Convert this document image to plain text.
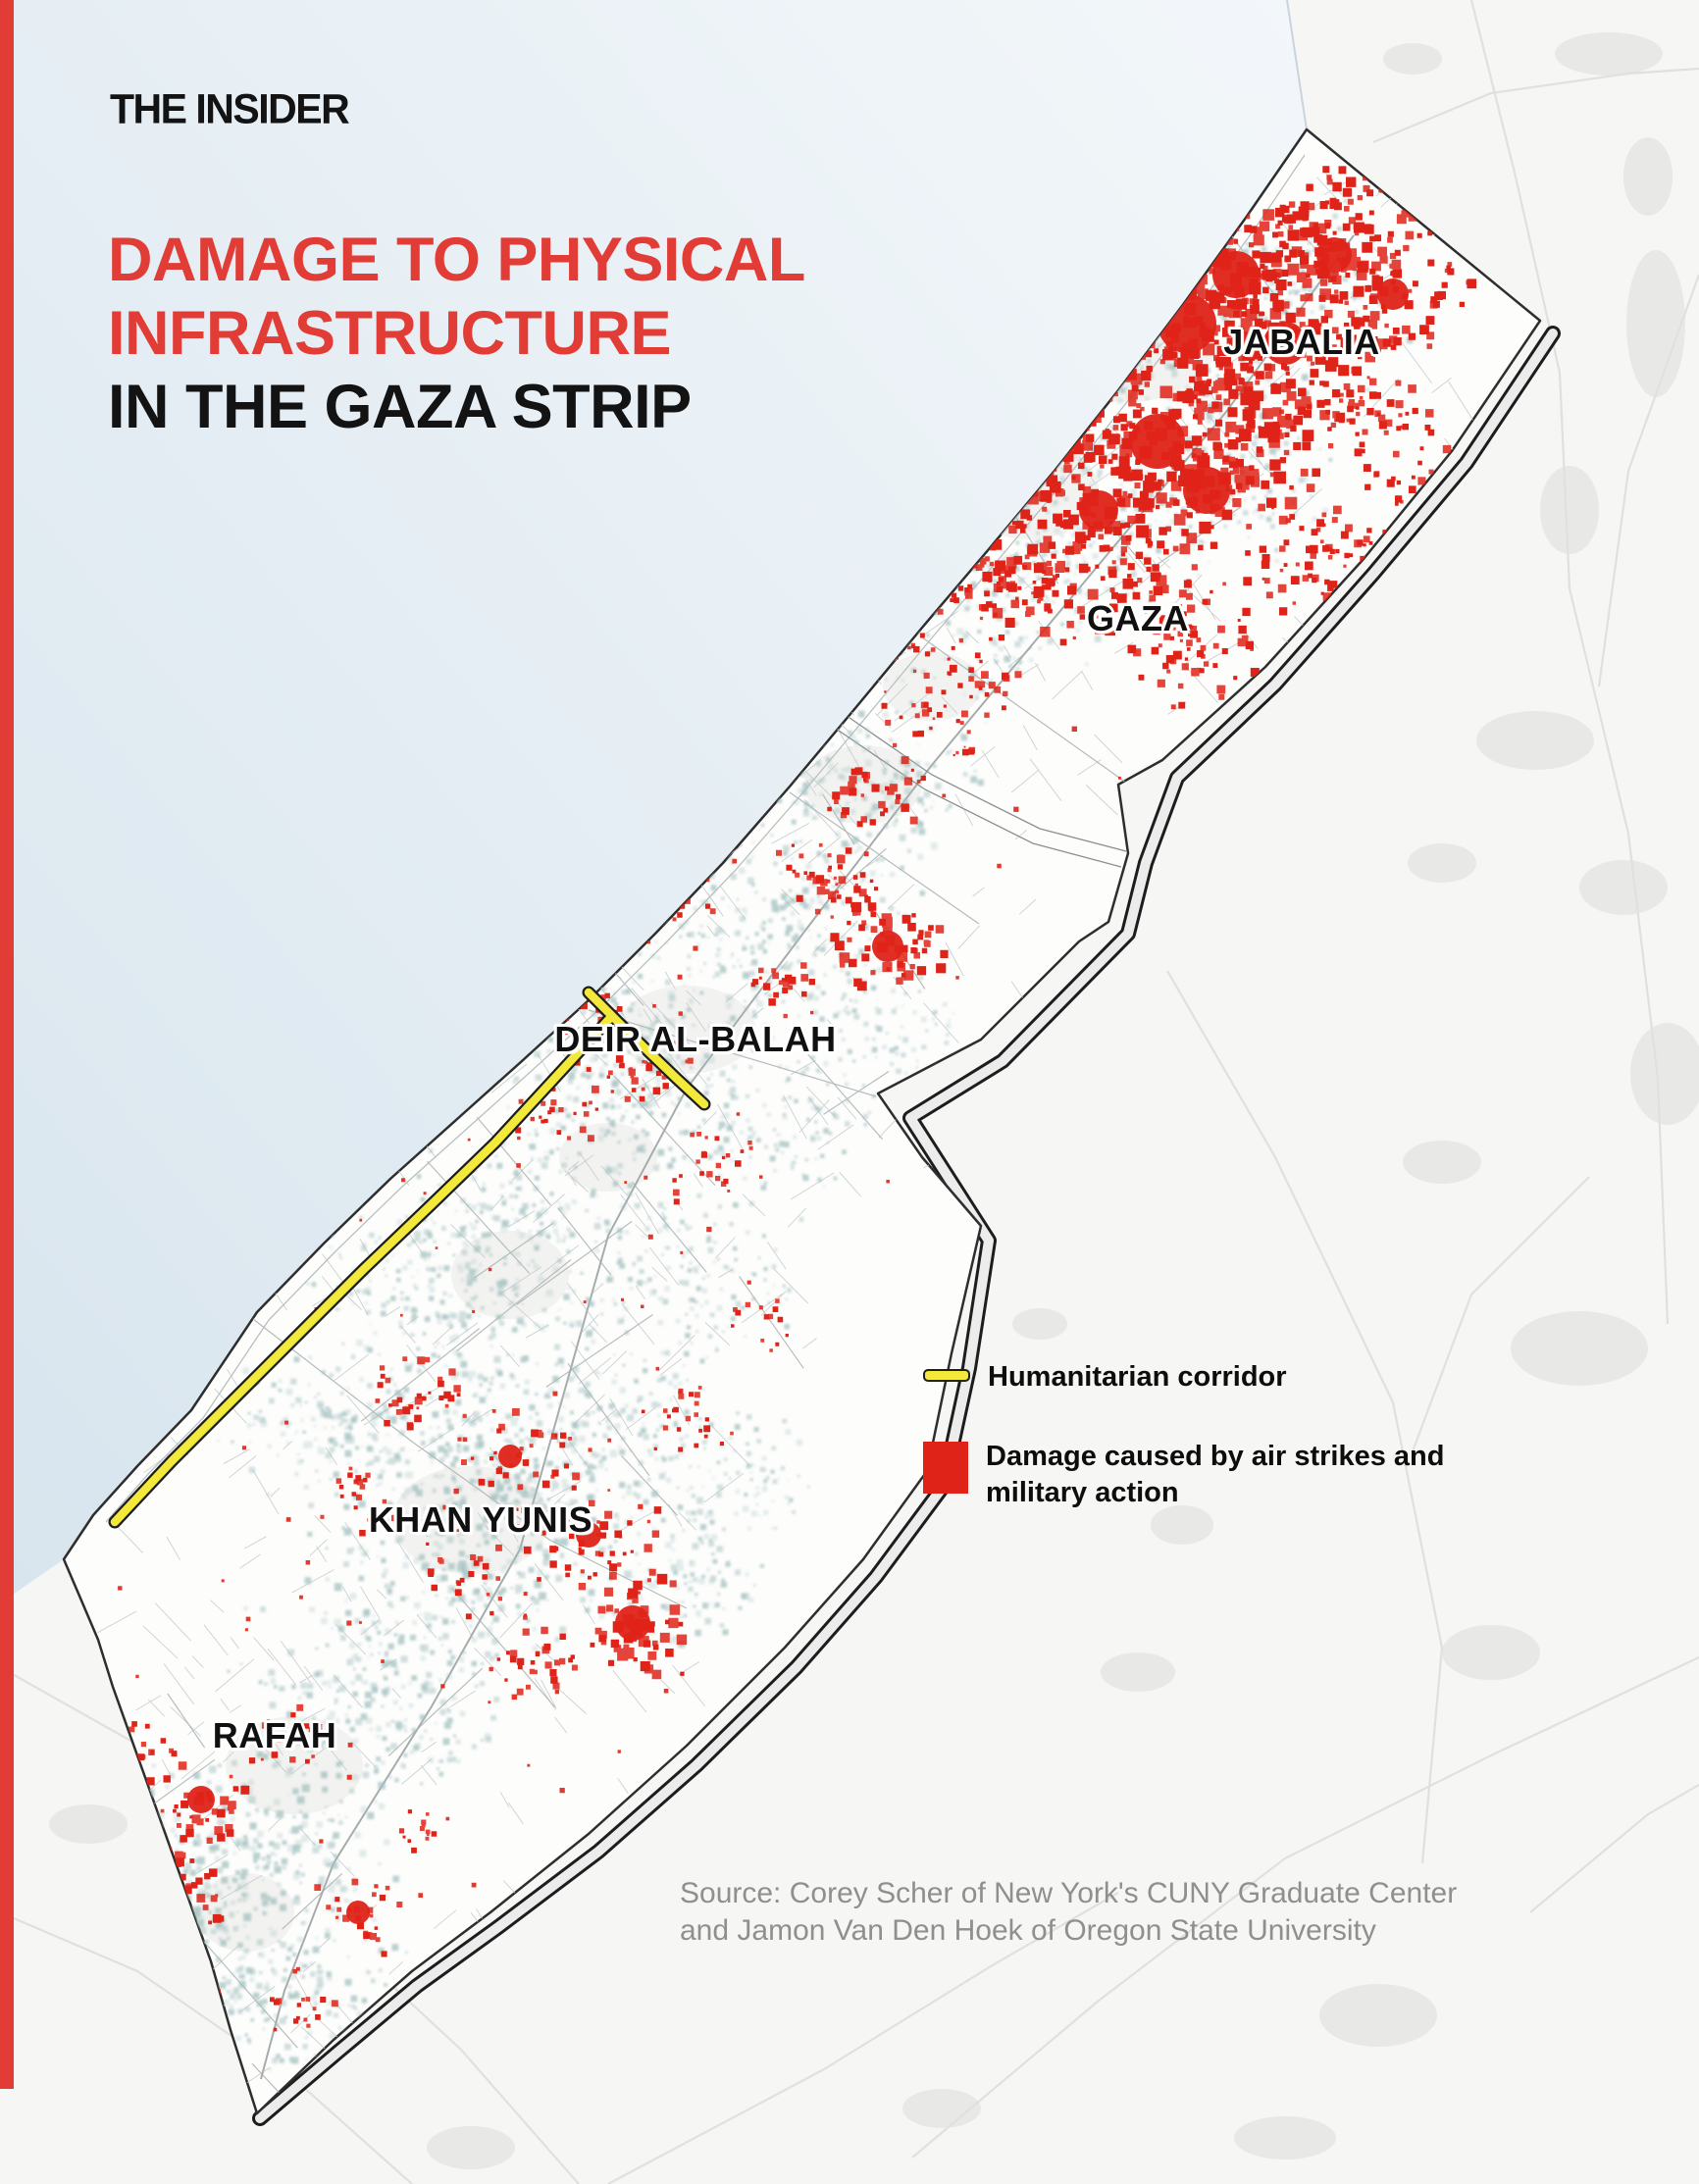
THE INSIDER
DAMAGE TO PHYSICAL
INFRASTRUCTURE
IN THE GAZA STRIP
JABALIA
GAZA
DEIR AL-BALAH
KHAN YUNIS
RAFAH
Humanitarian corridor
Damage caused by air strikes and military action
Source: Corey Scher of New York's CUNY Graduate Center
and Jamon Van Den Hoek of Oregon State University
